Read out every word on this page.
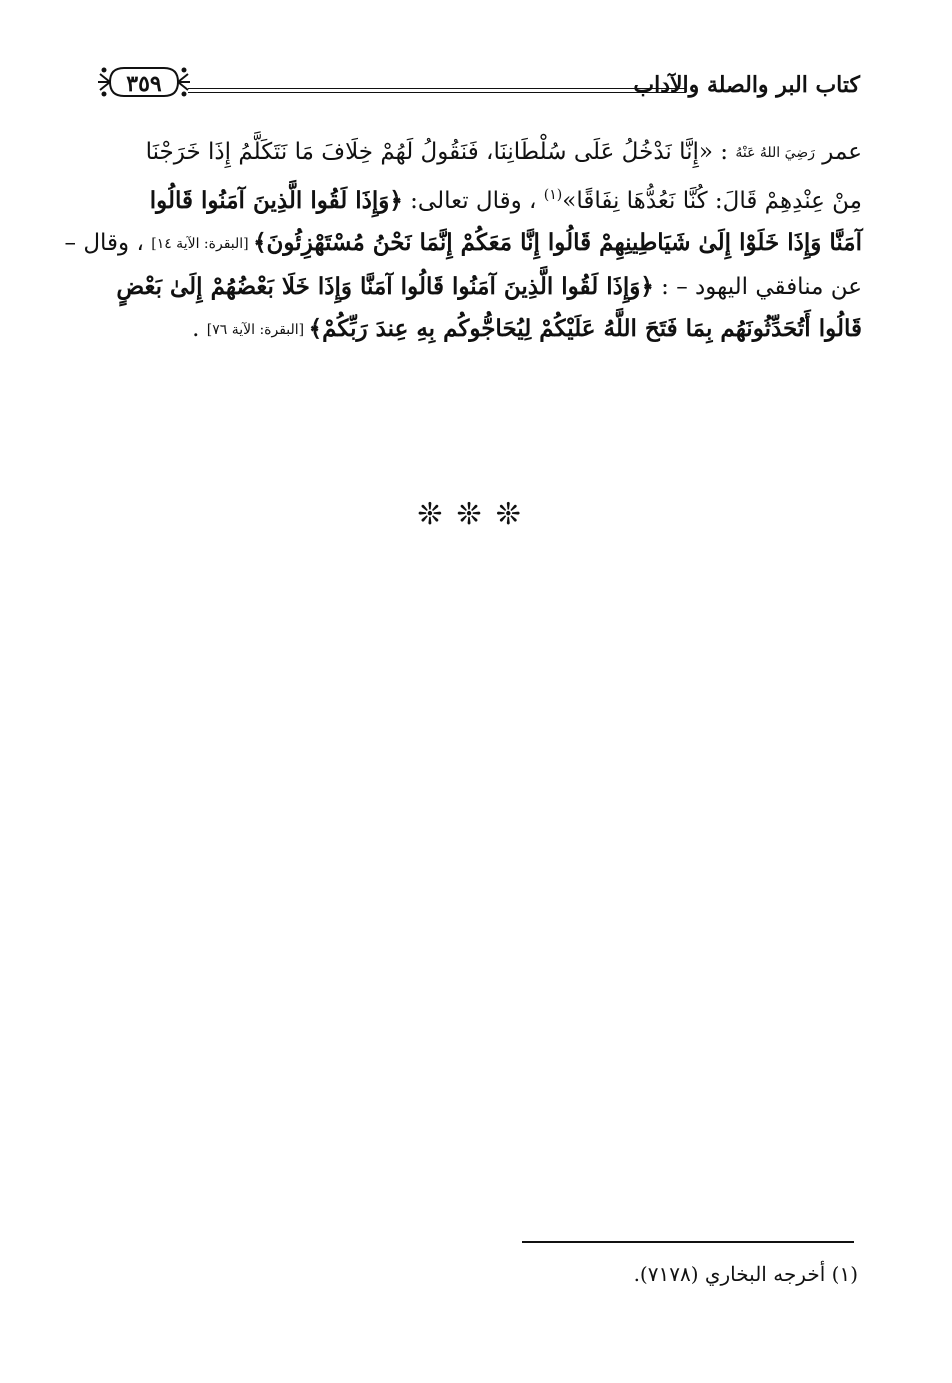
كتاب البر والصلة والآداب
٣٥٩
عمر رَضِيَ اللهُ عَنْهُ : «إِنَّا نَدْخُلُ عَلَى سُلْطَانِنَا، فَنَقُولُ لَهُمْ خِلَافَ مَا نَتَكَلَّمُ إِذَا خَرَجْنَا
مِنْ عِنْدِهِمْ قَالَ: كُنَّا نَعُدُّهَا نِفَاقًا»$^{(١)}$ ، وقال تعالى: ﴿وَإِذَا لَقُوا الَّذِينَ آمَنُوا قَالُوا
آمَنَّا وَإِذَا خَلَوْا إِلَىٰ شَيَاطِينِهِمْ قَالُوا إِنَّا مَعَكُمْ إِنَّمَا نَحْنُ مُسْتَهْزِئُونَ﴾ [البقرة: الآية ١٤] ، وقال –
عن منافقي اليهود – : ﴿وَإِذَا لَقُوا الَّذِينَ آمَنُوا قَالُوا آمَنَّا وَإِذَا خَلَا بَعْضُهُمْ إِلَىٰ بَعْضٍ
قَالُوا أَتُحَدِّثُونَهُم بِمَا فَتَحَ اللَّهُ عَلَيْكُمْ لِيُحَاجُّوكُم بِهِ عِندَ رَبِّكُمْ﴾ [البقرة: الآية ٧٦] .
❊❊❊
(١) أخرجه البخاري (٧١٧٨).
